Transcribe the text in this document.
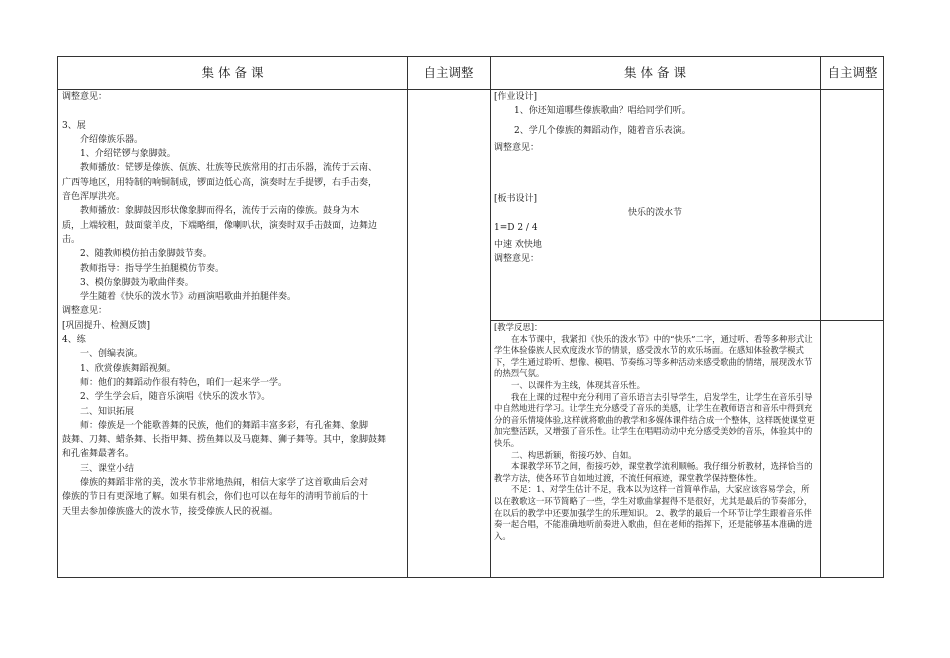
集 体 备 课	自主调整	集 体 备 课	自主调整

调整意见：

3、展

介绍傣族乐器。

1、介绍铓锣与象脚鼓。

教师播放：铓锣是傣族、佤族、壮族等民族常用的打击乐器，流传于云南、

广西等地区，用特制的响铜制成，锣面边低心高，演奏时左手提锣，右手击奏，

音色浑厚洪亮。

教师播放：象脚鼓因形状像象脚而得名，流传于云南的傣族。鼓身为木

质，上端较粗，鼓面蒙羊皮，下端略细，像喇叭状，演奏时双手击鼓面，边舞边

击。

2、随教师模仿拍击象脚鼓节奏。

教师指导：指导学生拍腿模仿节奏。

3、模仿象脚鼓为歌曲伴奏。

学生随着《快乐的泼水节》动画演唱歌曲并拍腿伴奏。

调整意见：

[巩固提升、检测反馈]

4、练

一、创编表演。

1、欣赏傣族舞蹈视频。

师：他们的舞蹈动作很有特色，咱们一起来学一学。

2、学生学会后，随音乐演唱《快乐的泼水节》。

二、知识拓展

师：傣族是一个能歌善舞的民族，他们的舞蹈丰富多彩，有孔雀舞、象脚

鼓舞、刀舞、蜡条舞、长指甲舞、捞鱼舞以及马鹿舞、狮子舞等。其中，象脚鼓舞

和孔雀舞最著名。

三、课堂小结

傣族的舞蹈非常的美，泼水节非常地热闹，相信大家学了这首歌曲后会对

傣族的节日有更深地了解。如果有机会，你们也可以在每年的清明节前后的十

天里去参加傣族盛大的泼水节，接受傣族人民的祝福。

[作业设计]

1、你还知道哪些傣族歌曲？唱给同学们听。

2、学几个傣族的舞蹈动作，随着音乐表演。

调整意见：

[板书设计]

快乐的泼水节

1=D 2 / 4

中速 欢快地

调整意见：

[教学反思]：

在本节课中，我紧扣《快乐的泼水节》中的“快乐”二字，通过听、看等多种形式让学生体验傣族人民欢度泼水节的情景，感受泼水节的欢乐场面。在感知体验教学模式下，学生通过聆听、想像、模唱、节奏练习等多种活动来感受歌曲的情绪，展现泼水节的热烈气氛。

一、以课件为主线，体现其音乐性。

我在上课的过程中充分利用了音乐语言去引导学生，启发学生，让学生在音乐引导中自然地进行学习。让学生充分感受了音乐的美感，让学生在教师语言和音乐中得到充分的音乐情境体验,这样就将歌曲的教学和多媒体课件结合成一个整体，这样既使课堂更加完整活跃，又增强了音乐性。让学生在唱唱动动中充分感受美妙的音乐，体验其中的快乐。

二、构思新颖，衔接巧妙、自如。

本课教学环节之间，衔接巧妙，课堂教学流利顺畅。我仔细分析教材，选择恰当的教学方法，使各环节自如地过渡，不流任何痕迹，课堂教学保持整体性。

不足：1、对学生估计不足，我本以为这样一首简单作品，大家应该容易学会，所以在教歌这一环节简略了一些，学生对歌曲掌握得不是很好，尤其是最后的节奏部分，在以后的教学中还要加强学生的乐理知识。 2、教学的最后一个环节让学生跟着音乐伴奏一起合唱，不能准确地听前奏进入歌曲，但在老师的指挥下，还是能够基本准确的进入。
